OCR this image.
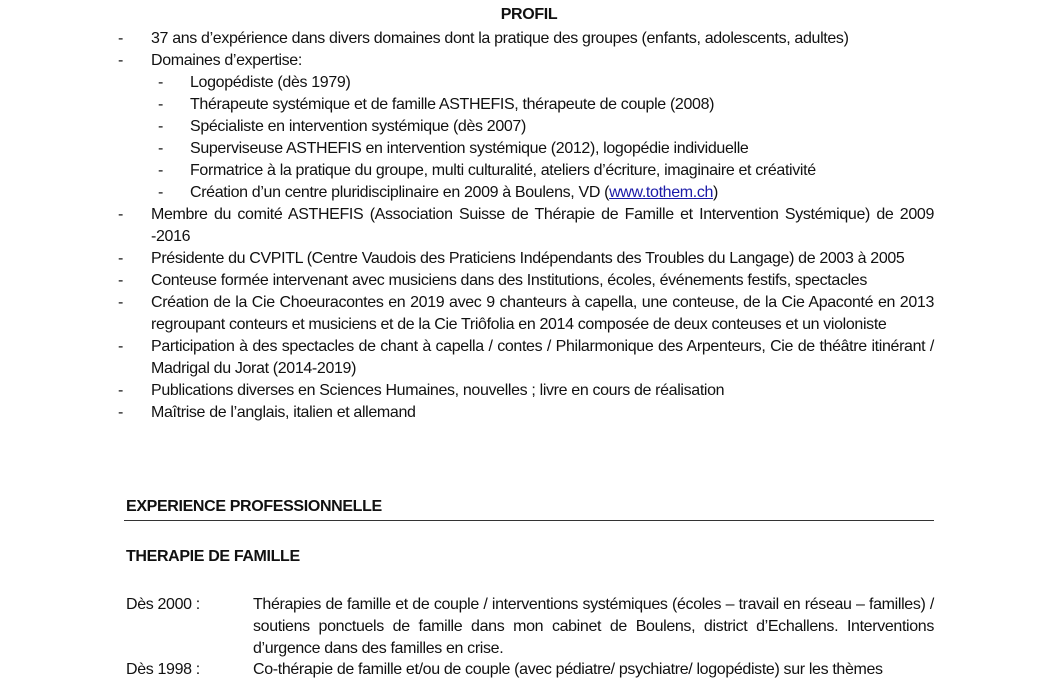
PROFIL
- 37 ans d’expérience dans divers domaines dont la pratique des groupes (enfants, adolescents, adultes)
- Domaines d’expertise:
- Logopédiste (dès 1979)
- Thérapeute systémique et de famille ASTHEFIS, thérapeute de couple (2008)
- Spécialiste en intervention systémique (dès 2007)
- Superviseuse ASTHEFIS en intervention systémique (2012), logopédie individuelle
- Formatrice à la pratique du groupe, multi culturalité, ateliers d’écriture, imaginaire et créativité
- Création d’un centre pluridisciplinaire en 2009 à Boulens, VD (www.tothem.ch)
- Membre du comité ASTHEFIS (Association Suisse de Thérapie de Famille et Intervention Systémique) de 2009 -2016
- Présidente du CVPITL (Centre Vaudois des Praticiens Indépendants des Troubles du Langage) de 2003 à 2005
- Conteuse formée intervenant avec musiciens dans des Institutions, écoles, événements festifs, spectacles
- Création de la Cie Choeuracontes en 2019 avec 9 chanteurs à capella, une conteuse, de la Cie Apaconté en 2013 regroupant conteurs et musiciens et de la Cie Triôfolia en 2014 composée de deux conteuses et un violoniste
- Participation à des spectacles de chant à capella / contes / Philarmonique des Arpenteurs, Cie de théâtre itinérant / Madrigal du Jorat (2014-2019)
- Publications diverses en Sciences Humaines, nouvelles ; livre en cours de réalisation
- Maîtrise de l’anglais, italien et allemand
EXPERIENCE PROFESSIONNELLE
THERAPIE DE FAMILLE
Dès 2000 :	Thérapies de famille et de couple / interventions systémiques (écoles – travail en réseau – familles) / soutiens ponctuels de famille dans mon cabinet de Boulens, district d’Echallens. Interventions d’urgence dans des familles en crise.
Dès 1998 :	Co-thérapie de famille et/ou de couple (avec pédiatre/ psychiatre/ logopédiste) sur les thèmes
